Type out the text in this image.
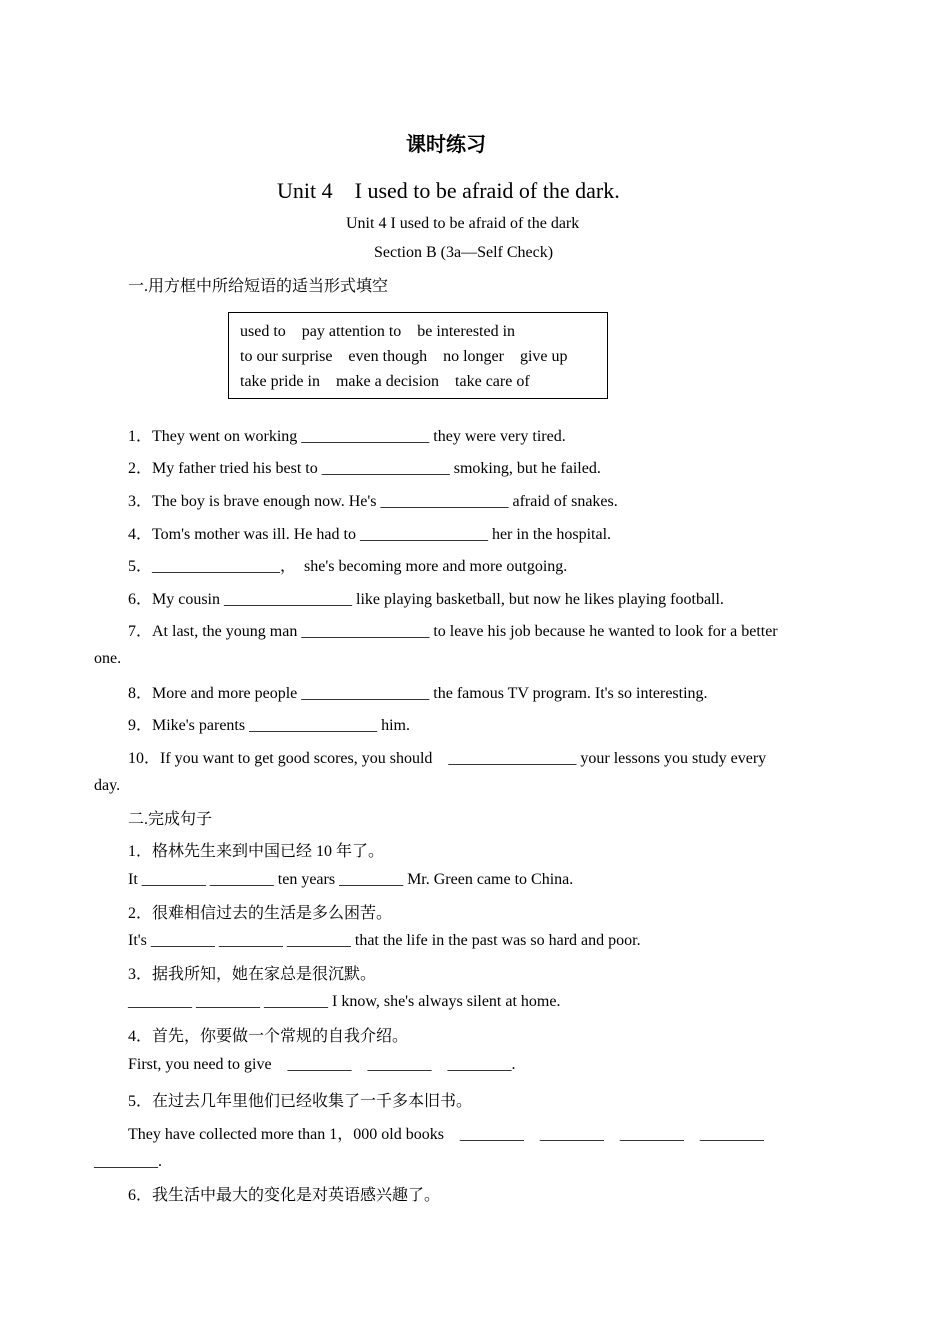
课时练习
Unit 4    I used to be afraid of the dark.
Unit 4 I used to be afraid of the dark
Section B (3a—Self Check)
一.用方框中所给短语的适当形式填空
used to    pay attention to    be interested in
to our surprise    even though    no longer    give up
take pride in    make a decision    take care of
1．They went on working ________________ they were very tired.
2．My father tried his best to ________________ smoking, but he failed.
3．The boy is brave enough now. He's ________________ afraid of snakes.
4．Tom's mother was ill. He had to ________________ her in the hospital.
5．________________，  she's becoming more and more outgoing.
6．My cousin ________________ like playing basketball, but now he likes playing football.
7．At last, the young man ________________ to leave his job because he wanted to look for a better
one.
8．More and more people ________________ the famous TV program. It's so interesting.
9．Mike's parents ________________ him.
10．If you want to get good scores, you should    ________________ your lessons you study every
day.
二.完成句子
1．格林先生来到中国已经 10 年了。
It ________ ________ ten years ________ Mr. Green came to China.
2．很难相信过去的生活是多么困苦。
It's ________ ________ ________ that the life in the past was so hard and poor.
3．据我所知，她在家总是很沉默。
________ ________ ________ I know, she's always silent at home.
4．首先，你要做一个常规的自我介绍。
First, you need to give    ________    ________    ________.
5．在过去几年里他们已经收集了一千多本旧书。
They have collected more than 1，000 old books    ________    ________    ________    ________
________.
6．我生活中最大的变化是对英语感兴趣了。
